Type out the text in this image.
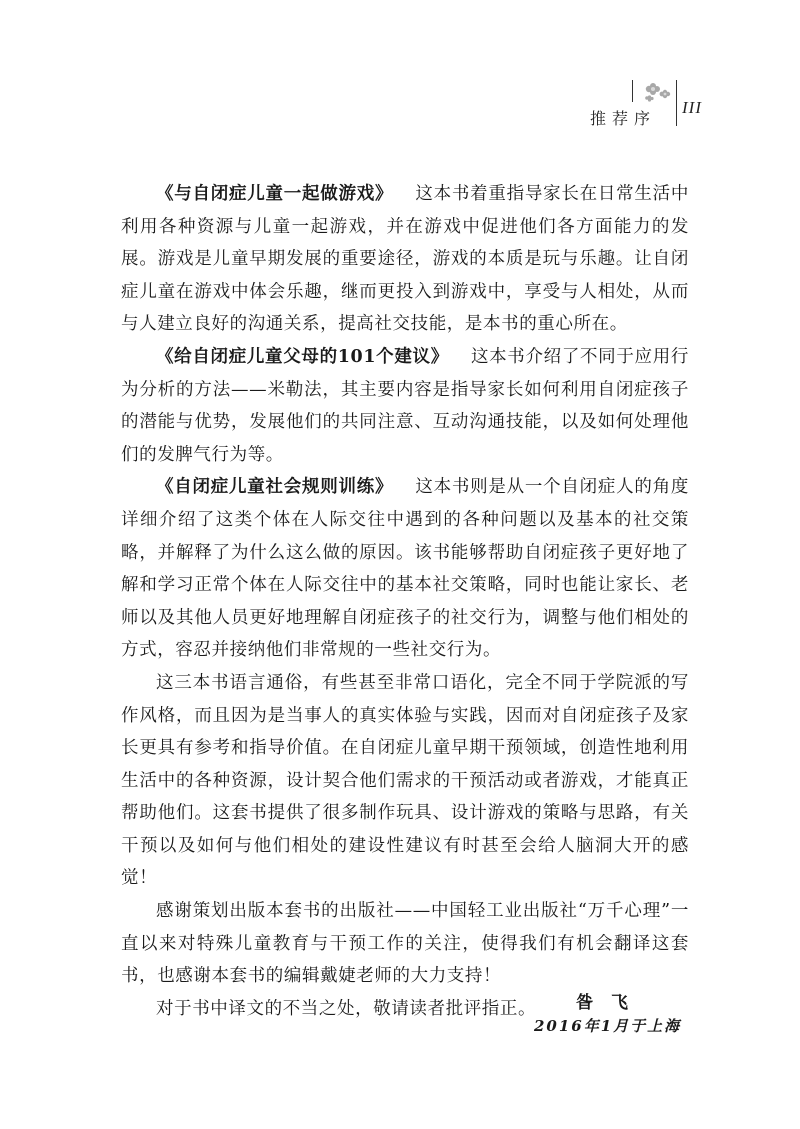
推荐序
III

《与自闭症儿童一起做游戏》 这本书着重指导家长在日常生活中利用各种资源与儿童一起游戏，并在游戏中促进他们各方面能力的发展。游戏是儿童早期发展的重要途径，游戏的本质是玩与乐趣。让自闭症儿童在游戏中体会乐趣，继而更投入到游戏中，享受与人相处，从而与人建立良好的沟通关系，提高社交技能，是本书的重心所在。

《给自闭症儿童父母的101个建议》 这本书介绍了不同于应用行为分析的方法——米勒法，其主要内容是指导家长如何利用自闭症孩子的潜能与优势，发展他们的共同注意、互动沟通技能，以及如何处理他们的发脾气行为等。

《自闭症儿童社会规则训练》 这本书则是从一个自闭症人的角度详细介绍了这类个体在人际交往中遇到的各种问题以及基本的社交策略，并解释了为什么这么做的原因。该书能够帮助自闭症孩子更好地了解和学习正常个体在人际交往中的基本社交策略，同时也能让家长、老师以及其他人员更好地理解自闭症孩子的社交行为，调整与他们相处的方式，容忍并接纳他们非常规的一些社交行为。

这三本书语言通俗，有些甚至非常口语化，完全不同于学院派的写作风格，而且因为是当事人的真实体验与实践，因而对自闭症孩子及家长更具有参考和指导价值。在自闭症儿童早期干预领域，创造性地利用生活中的各种资源，设计契合他们需求的干预活动或者游戏，才能真正帮助他们。这套书提供了很多制作玩具、设计游戏的策略与思路，有关干预以及如何与他们相处的建设性建议有时甚至会给人脑洞大开的感觉！

感谢策划出版本套书的出版社——中国轻工业出版社“万千心理”一直以来对特殊儿童教育与干预工作的关注，使得我们有机会翻译这套书，也感谢本套书的编辑戴婕老师的大力支持！

对于书中译文的不当之处，敬请读者批评指正。	昝飞
2016年1月于上海
